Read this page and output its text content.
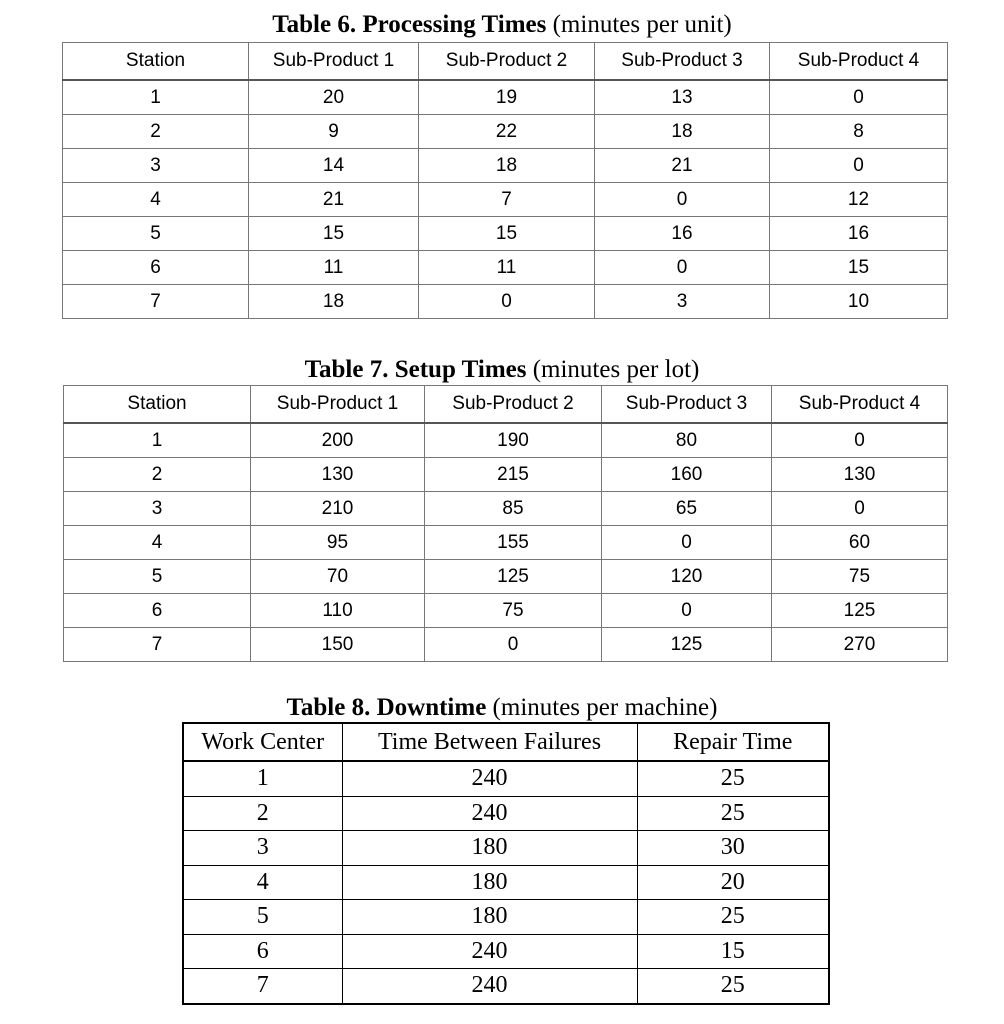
Table 6. Processing Times (minutes per unit)
Station	Sub-Product 1	Sub-Product 2	Sub-Product 3	Sub-Product 4
1	20	19	13	0
2	9	22	18	8
3	14	18	21	0
4	21	7	0	12
5	15	15	16	16
6	11	11	0	15
7	18	0	3	10
Table 7. Setup Times (minutes per lot)
Station	Sub-Product 1	Sub-Product 2	Sub-Product 3	Sub-Product 4
1	200	190	80	0
2	130	215	160	130
3	210	85	65	0
4	95	155	0	60
5	70	125	120	75
6	110	75	0	125
7	150	0	125	270
Table 8. Downtime (minutes per machine)
Work Center	Time Between Failures	Repair Time
1	240	25
2	240	25
3	180	30
4	180	20
5	180	25
6	240	15
7	240	25
